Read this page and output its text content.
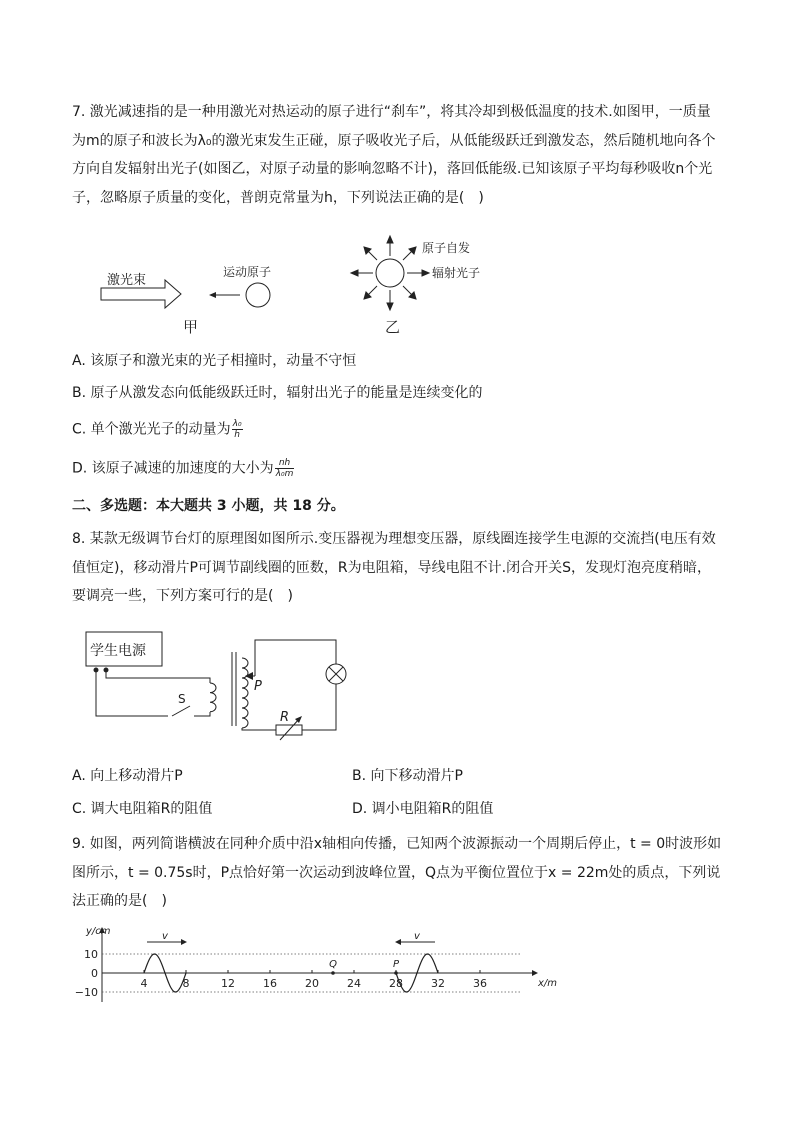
7. 激光减速指的是一种用激光对热运动的原子进行“刹车”，将其冷却到极低温度的技术.如图甲，一质量为m的原子和波长为λ₀的激光束发生正碰，原子吸收光子后，从低能级跃迁到激发态，然后随机地向各个方向自发辐射出光子(如图乙，对原子动量的影响忽略不计)，落回低能级.已知该原子平均每秒吸收n个光子，忽略原子质量的变化，普朗克常量为h，下列说法正确的是(　)
激光束
运动原子
甲
原子自发
辐射光子
乙
A. 该原子和激光束的光子相撞时，动量不守恒
B. 原子从激发态向低能级跃迁时，辐射出光子的能量是连续变化的
C. 单个激光光子的动量为 $\frac{\text{λ₀}}{h}$
D. 该原子减速的加速度的大小为 $\frac{nh}{\text{λ₀m}}$
二、多选题：本大题共 3 小题，共 18 分。
8. 某款无级调节台灯的原理图如图所示.变压器视为理想变压器，原线圈连接学生电源的交流挡(电压有效值恒定)，移动滑片P可调节副线圈的匝数，R为电阻箱，导线电阻不计.闭合开关S，发现灯泡亮度稍暗，要调亮一些，下列方案可行的是(　)
学生电源
S
P
R
A. 向上移动滑片P	B. 向下移动滑片P
C. 调大电阻箱R的阻值	D. 调小电阻箱R的阻值
9. 如图，两列简谐横波在同种介质中沿x轴相向传播，已知两个波源振动一个周期后停止，t = 0时波形如图所示，t = 0.75s时，P点恰好第一次运动到波峰位置，Q点为平衡位置位于x = 22m处的质点，下列说法正确的是(　)
y/cm
x/m
10
0
−10
4	8	12	16	20	24	28	32	36
v	v
Q	P
